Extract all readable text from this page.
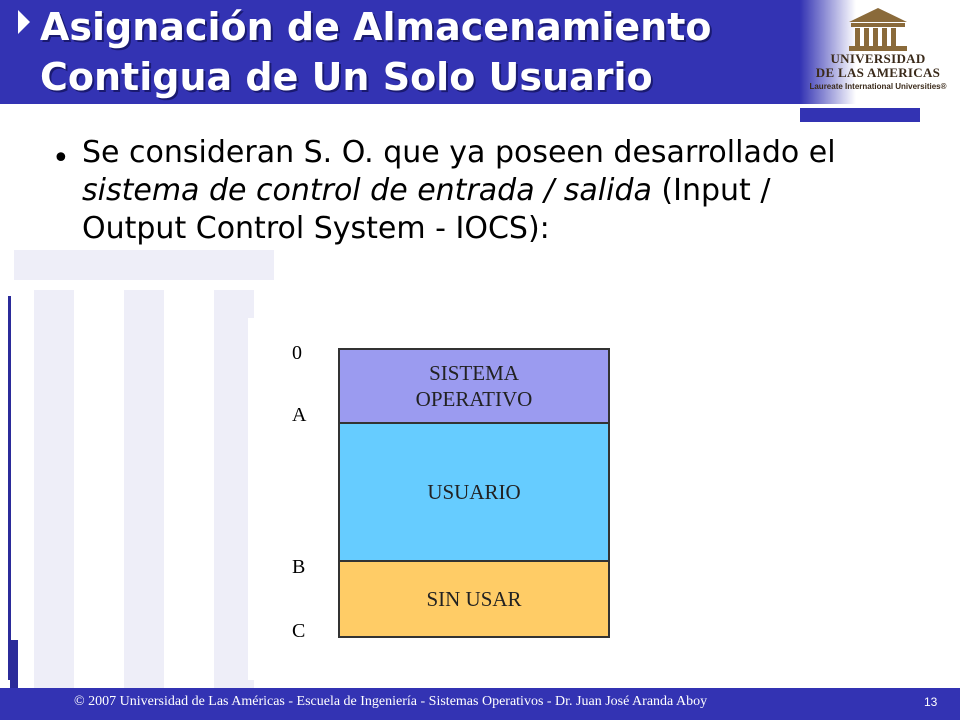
Asignación de Almacenamiento
Contigua de Un Solo Usuario	UNIVERSIDAD
DE LAS AMERICAS
Laureate International Universities®
• Se consideran S. O. que ya poseen desarrollado el sistema de control de entrada / salida (Input / Output Control System - IOCS):

0
A
B
C
SISTEMA
OPERATIVO
USUARIO
SIN USAR
© 2007 Universidad de Las Américas - Escuela de Ingeniería - Sistemas Operativos - Dr. Juan José Aranda Aboy	13
